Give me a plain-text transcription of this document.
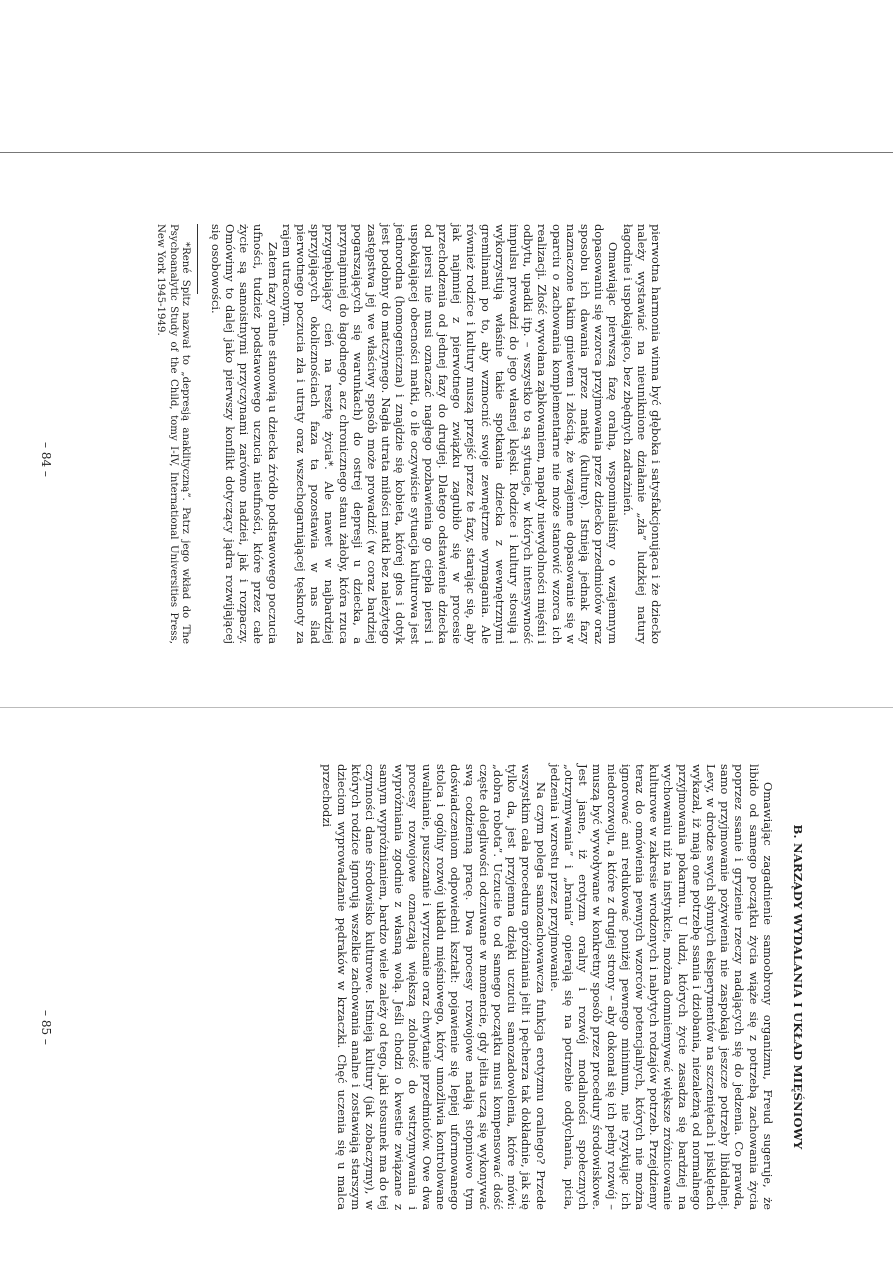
pierwotna harmonia winna być głęboka i satysfakcjonująca i że dziecko należy wystawiać na nieuniknione działanie „zła” ludzkiej natury łagodnie i uspokajająco, bez zbędnych zadrażnień.

Omawiając pierwszą fazę oralną, wspominaliśmy o wzajemnym dopasowaniu się wzorca przyjmowania przez dziecko przedmiotów oraz sposobu ich dawania przez matkę (kulturę). Istnieją jednak fazy naznaczone takim gniewem i złością, że wzajemne dopasowanie się w oparciu o zachowania komplementarne nie może stanowić wzorca ich realizacji. Złość wywołana ząbkowaniem, napady niewydolności mięśni i odbytu, upadki itp. – wszystko to są sytuacje, w których intensywność impulsu prowadzi do jego własnej klęski. Rodzice i kultury stosują i wykorzystują właśnie takie spotkania dziecka z wewnętrznymi gremlinami po to, aby wzmocnić swoje zewnętrzne wymagania. Ale również rodzice i kultury muszą przejść przez te fazy, starając się, aby jak najmniej z pierwotnego związku zagubiło się w procesie przechodzenia od jednej fazy do drugiej. Dlatego odstawienie dziecka od piersi nie musi oznaczać nagłego pozbawienia go ciepła piersi i uspokajającej obecności matki, o ile oczywiście sytuacja kulturowa jest jednorodna (homogeniczna) i znajdzie się kobieta, której głos i dotyk jest podobny do matczynego. Nagła utrata miłości matki bez należytego zastępstwa jej we właściwy sposób może prowadzić (w coraz bardziej pogarszających się warunkach) do ostrej depresji u dziecka, a przynajmniej do łagodnego, acz chronicznego stanu żałoby, która rzuca przygnębiający cień na resztę życia*. Ale nawet w najbardziej sprzyjających okolicznościach faza ta pozostawia w nas ślad pierwotnego poczucia zła i utraty oraz wszechogarniającej tęsknoty za rajem utraconym.

Zatem fazy oralne stanowią u dziecka źródło podstawowego poczucia ufności, tudzież podstawowego uczucia nieufności, które przez całe życie są samoistnymi przyczynami zarówno nadziei, jak i rozpaczy. Omówimy to dalej jako pierwszy konflikt dotyczący jądra rozwijającej się osobowości.

*René Spitz nazwał to „depresją anaklityczną”. Patrz jego wkład do The Psychoanalytic Study of the Child, tomy I-IV, International Universities Press, New York 1945-1949.

– 84 –
B. NARZĄDY WYDALANIA I UKŁAD MIĘŚNIOWY

Omawiając zagadnienie samoobrony organizmu, Freud sugeruje, że libido od samego początku życia wiąże się z potrzebą zachowania życia poprzez ssanie i gryzienie rzeczy nadających się do jedzenia. Co prawda, samo przyjmowanie pożywienia nie zaspokaja jeszcze potrzeby libidalnej. Levy, w drodze swych słynnych eksperymentów na szczeniętach i pisklętach wykazał, iż mają one potrzebę ssania i dziobania, niezależną od normalnego przyjmowania pokarmu. U ludzi, których życie zasadza się bardziej na wychowaniu niż na instynkcie, można domniemywać większe zróżnicowanie kulturowe w zakresie wrodzonych i nabytych rodzajów potrzeb. Przejdziemy teraz do omówienia pewnych wzorców potencjalnych, których nie można ignorować ani redukować poniżej pewnego minimum, nie ryzykując ich niedorozwoju, a które z drugiej strony – aby dokonał się ich pełny rozwój – muszą być wywoływane w konkretny sposób przez procedury środowiskowe. Jest jasne, iż erotyzm oralny i rozwój modalności społecznych „otrzymywania” i „brania” opierają się na potrzebie oddychania, picia, jedzenia i wzrostu przez przyjmowanie.

Na czym polega samozachowawcza funkcja erotyzmu oralnego? Przede wszystkim cała procedura opróżniania jelit i pęcherza tak dokładnie, jak się tylko da, jest przyjemna dzięki uczuciu samozadowolenia, które mówi: „dobra robota”. Uczucie to od samego początku musi kompensować dość częste dolegliwości odczuwane w momencie, gdy jelita uczą się wykonywać swą codzienną pracę. Dwa procesy rozwojowe nadają stopniowo tym doświadczeniom odpowiedni kształt: pojawienie się lepiej uformowanego stolca i ogólny rozwój układu mięśniowego, który umożliwia kontrolowane uwalnianie, puszczanie i wyrzucanie oraz chwytanie przedmiotów. Owe dwa procesy rozwojowe oznaczają większą zdolność do wstrzymywania i wypróżniania zgodnie z własną wolą. Jeśli chodzi o kwestie związane z samym wypróżnianiem, bardzo wiele zależy od tego, jaki stosunek ma do tej czynności dane środowisko kulturowe. Istnieją kultury (jak zobaczymy), w których rodzice ignorują wszelkie zachowania analne i zostawiają starszym dzieciom wyprowadzanie pędraków w krzaczki. Chęć uczenia się u malca przechodzi

– 85 –
